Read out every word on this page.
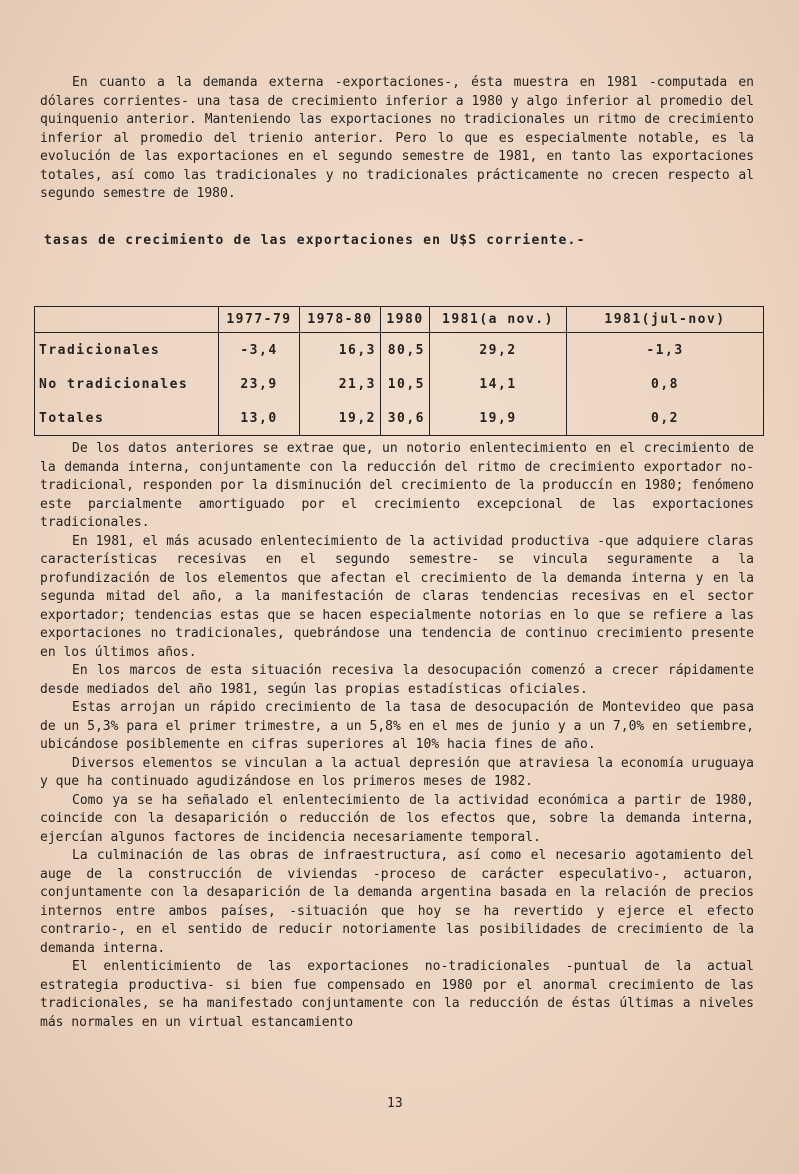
En cuanto a la demanda externa -exportaciones-, ésta muestra en 1981 -computada en dólares corrientes- una tasa de crecimiento inferior a 1980 y algo inferior al promedio del quinquenio anterior. Manteniendo las exportaciones no tradicionales un ritmo de crecimiento inferior al promedio del trienio anterior. Pero lo que es especialmente notable, es la evolución de las exportaciones en el segundo semestre de 1981, en tanto las exportaciones totales, así como las tradicionales y no tradicionales prácticamente no crecen respecto al segundo semestre de 1980.

tasas de crecimiento de las exportaciones en U$S corriente.-
	1977-79	1978-80	1980	1981(a nov.)	1981(jul-nov)
Tradicionales	-3,4	16,3	80,5	29,2	-1,3
No tradicionales	23,9	21,3	10,5	14,1	0,8
Totales	13,0	19,2	30,6	19,9	0,2

De los datos anteriores se extrae que, un notorio enlentecimiento en el crecimiento de la demanda interna, conjuntamente con la reducción del ritmo de crecimiento exportador no-tradicional, responden por la disminución del crecimiento de la produccín en 1980; fenómeno este parcialmente amortiguado por el crecimiento excepcional de las exportaciones tradicionales.

En 1981, el más acusado enlentecimiento de la actividad productiva -que adquiere claras características recesivas en el segundo semestre- se vincula seguramente a la profundización de los elementos que afectan el crecimiento de la demanda interna y en la segunda mitad del año, a la manifestación de claras tendencias recesivas en el sector exportador; tendencias estas que se hacen especialmente notorias en lo que se refiere a las exportaciones no tradicionales, quebrándose una tendencia de continuo crecimiento presente en los últimos años.

En los marcos de esta situación recesiva la desocupación comenzó a crecer rápidamente desde mediados del año 1981, según las propias estadísticas oficiales.

Estas arrojan un rápido crecimiento de la tasa de desocupación de Montevideo que pasa de un 5,3% para el primer trimestre, a un 5,8% en el mes de junio y a un 7,0% en setiembre, ubicándose posiblemente en cifras superiores al 10% hacia fines de año.

Diversos elementos se vinculan a la actual depresión que atraviesa la economía uruguaya y que ha continuado agudizándose en los primeros meses de 1982.

Como ya se ha señalado el enlentecimiento de la actividad económica a partir de 1980, coincide con la desaparición o reducción de los efectos que, sobre la demanda interna, ejercían algunos factores de incidencia necesariamente temporal.

La culminación de las obras de infraestructura, así como el necesario agotamiento del auge de la construcción de viviendas -proceso de carácter especulativo-, actuaron, conjuntamente con la desaparición de la demanda argentina basada en la relación de precios internos entre ambos países, -situación que hoy se ha revertido y ejerce el efecto contrario-, en el sentido de reducir notoriamente las posibilidades de crecimiento de la demanda interna.

El enlenticimiento de las exportaciones no-tradicionales -puntual de la actual estrategia productiva- si bien fue compensado en 1980 por el anormal crecimiento de las tradicionales, se ha manifestado conjuntamente con la reducción de éstas últimas a niveles más normales en un virtual estancamiento

13
